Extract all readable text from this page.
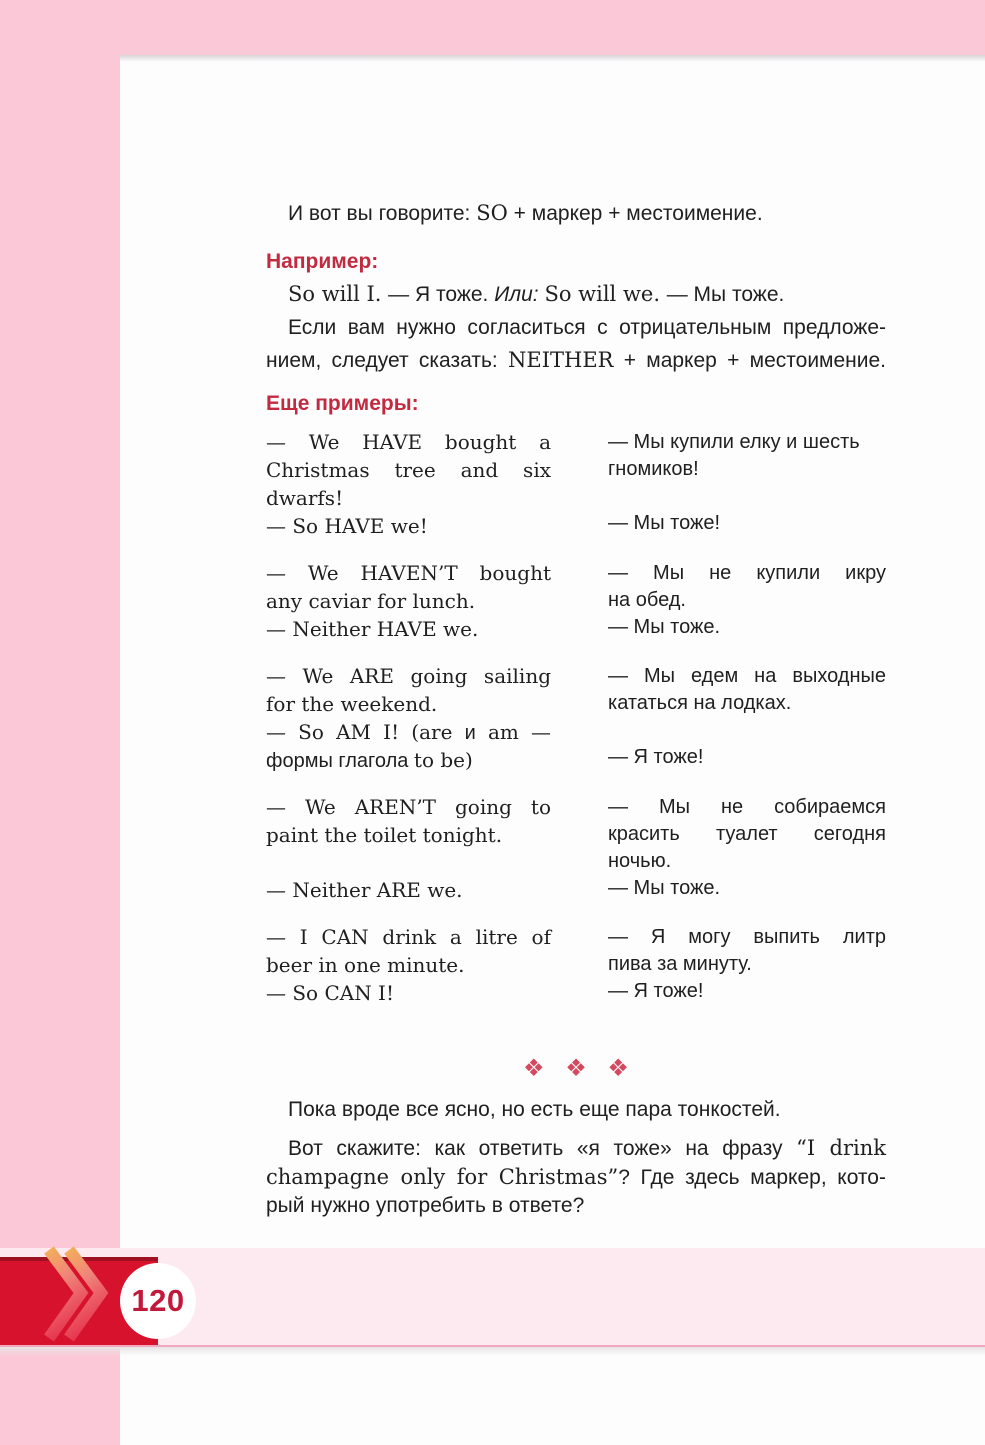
И вот вы говорите: SO + маркер + местоимение.
Например:
So will I. — Я тоже. Или: So will we. — Мы тоже.
Если вам нужно согласиться с отрицательным предложе-
нием, следует сказать: NEITHER + маркер + местоимение.
Еще примеры:
— We HAVE bought a
Christmas tree and six
dwarfs!
— So HAVE we!
— Мы купили елку и шесть
гномиков!

— Мы тоже!
— We HAVEN’T bought
any caviar for lunch.
— Neither HAVE we.
— Мы не купили икру
на обед.
— Мы тоже.
— We ARE going sailing
for the weekend.
— So AM I! (are и am —
формы глагола to be)
— Мы едем на выходные
кататься на лодках.

— Я тоже!
— We AREN’T going to
paint the toilet tonight.

— Neither ARE we.
— Мы не собираемся
красить туалет сегодня
ночью.
— Мы тоже.
— I CAN drink a litre of
beer in one minute.
— So CAN I!
— Я могу выпить литр
пива за минуту.
— Я тоже!
❖ ❖ ❖
Пока вроде все ясно, но есть еще пара тонкостей.
Вот скажите: как ответить «я тоже» на фразу “I drink
champagne only for Christmas”? Где здесь маркер, кото-
рый нужно употребить в ответе?
120
